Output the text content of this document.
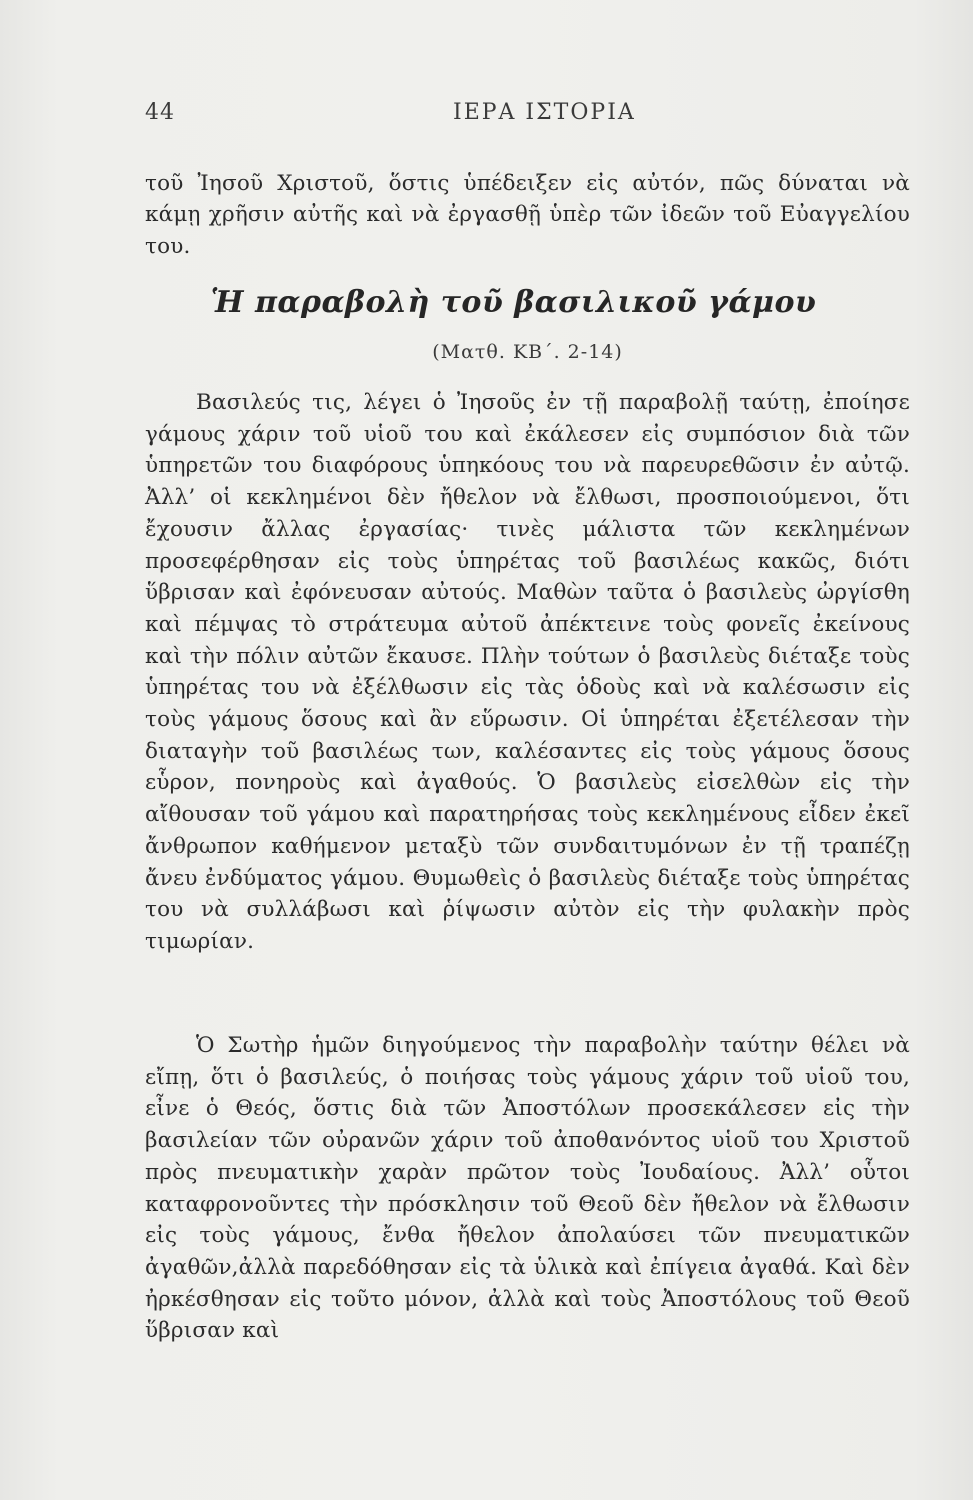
44	ΙΕΡΑ ΙΣΤΟΡΙΑ
τοῦ Ἰησοῦ Χριστοῦ, ὅστις ὑπέδειξεν εἰς αὐτόν, πῶς δύναται νὰ κάμῃ χρῆσιν αὐτῆς καὶ νὰ ἐργασθῇ ὑπὲρ τῶν ἰδεῶν τοῦ Εὐαγγελίου του.
Ἡ παραβολὴ τοῦ βασιλικοῦ γάμου
(Ματθ. ΚΒ΄. 2-14)
Βασιλεύς τις, λέγει ὁ Ἰησοῦς ἐν τῇ παραβολῇ ταύτῃ, ἐποίησε γάμους χάριν τοῦ υἱοῦ του καὶ ἐκάλεσεν εἰς συμπόσιον διὰ τῶν ὑπηρετῶν του διαφόρους ὑπηκόους του νὰ παρευρεθῶσιν ἐν αὐτῷ. Ἀλλ’ οἱ κεκλημένοι δὲν ἤθελον νὰ ἔλθωσι, προσποιούμενοι, ὅτι ἔχουσιν ἄλλας ἐργασίας· τινὲς μάλιστα τῶν κεκλημένων προσεφέρθησαν εἰς τοὺς ὑπηρέτας τοῦ βασιλέως κακῶς, διότι ὕβρισαν καὶ ἐφόνευσαν αὐτούς. Μαθὼν ταῦτα ὁ βασιλεὺς ὠργίσθη καὶ πέμψας τὸ στράτευμα αὐτοῦ ἀπέκτεινε τοὺς φονεῖς ἐκείνους καὶ τὴν πόλιν αὐτῶν ἔκαυσε. Πλὴν τούτων ὁ βασιλεὺς διέταξε τοὺς ὑπηρέτας του νὰ ἐξέλθωσιν εἰς τὰς ὁδοὺς καὶ νὰ καλέσωσιν εἰς τοὺς γάμους ὅσους καὶ ἂν εὕρωσιν. Οἱ ὑπηρέται ἐξετέλεσαν τὴν διαταγὴν τοῦ βασιλέως των, καλέσαντες εἰς τοὺς γάμους ὅσους εὗρον, πονηροὺς καὶ ἀγαθούς. Ὁ βασιλεὺς εἰσελθὼν εἰς τὴν αἴθουσαν τοῦ γάμου καὶ παρατηρήσας τοὺς κεκλημένους εἶδεν ἐκεῖ ἄνθρωπον καθήμενον μεταξὺ τῶν συνδαιτυμόνων ἐν τῇ τραπέζῃ ἄνευ ἐνδύματος γάμου. Θυμωθεὶς ὁ βασιλεὺς διέταξε τοὺς ὑπηρέτας του νὰ συλλάβωσι καὶ ῥίψωσιν αὐτὸν εἰς τὴν φυλακὴν πρὸς τιμωρίαν.
Ὁ Σωτὴρ ἡμῶν διηγούμενος τὴν παραβολὴν ταύτην θέλει νὰ εἴπῃ, ὅτι ὁ βασιλεύς, ὁ ποιήσας τοὺς γάμους χάριν τοῦ υἱοῦ του, εἶνε ὁ Θεός, ὅστις διὰ τῶν Ἀποστόλων προσεκάλεσεν εἰς τὴν βασιλείαν τῶν οὐρανῶν χάριν τοῦ ἀποθανόντος υἱοῦ του Χριστοῦ πρὸς πνευματικὴν χαρὰν πρῶτον τοὺς Ἰουδαίους. Ἀλλ’ οὗτοι καταφρονοῦντες τὴν πρόσκλησιν τοῦ Θεοῦ δὲν ἤθελον νὰ ἔλθωσιν εἰς τοὺς γάμους, ἔνθα ἤθελον ἀπολαύσει τῶν πνευματικῶν ἀγαθῶν,ἀλλὰ παρεδόθησαν εἰς τὰ ὑλικὰ καὶ ἐπίγεια ἀγαθά. Καὶ δὲν ἠρκέσθησαν εἰς τοῦτο μόνον, ἀλλὰ καὶ τοὺς Ἀποστόλους τοῦ Θεοῦ ὕβρισαν καὶ
